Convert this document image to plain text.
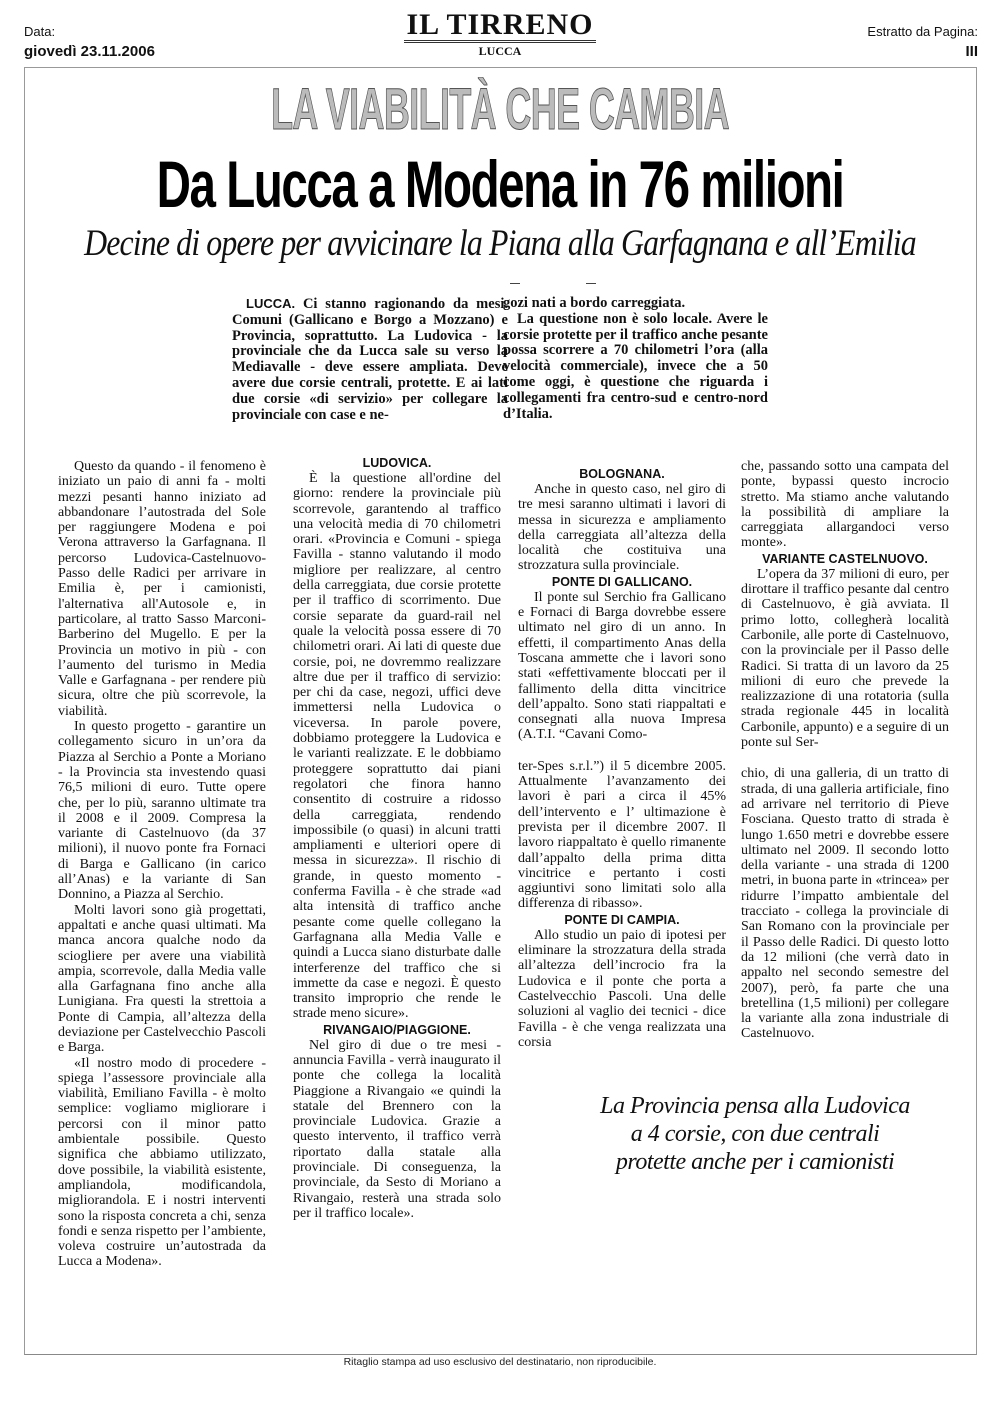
Data:
giovedì 23.11.2006
IL TIRRENO
LUCCA
Estratto da Pagina:
III
LA VIABILITÀ CHE CAMBIA
Da Lucca a Modena in 76 milioni
Decine di opere per avvicinare la Piana alla Garfagnana e all’Emilia

LUCCA. Ci stanno ragionando da mesi. Comuni (Gallicano e Borgo a Mozzano) e Provincia, soprattutto. La Ludovica - la provinciale che da Lucca sale su verso la Mediavalle - deve essere ampliata. Deve avere due corsie centrali, protette. E ai lati due corsie «di servizio» per collegare la provinciale con case e ne-

gozi nati a bordo carreggiata.

La questione non è solo locale. Avere le corsie protette per il traffico anche pesante possa scorrere a 70 chilometri l’ora (alla velocità commerciale), invece che a 50 come oggi, è questione che riguarda i collegamenti fra centro-sud e centro-nord d’Italia.

Questo da quando - il fenomeno è iniziato un paio di anni fa - molti mezzi pesanti hanno iniziato ad abbandonare l’autostrada del Sole per raggiungere Modena e poi Verona attraverso la Garfagnana. Il percorso Ludovica-Castelnuovo-Passo delle Radici per arrivare in Emilia è, per i camionisti, l'alternativa all'Autosole e, in particolare, al tratto Sasso Marconi-Barberino del Mugello. E per la Provincia un motivo in più - con l’aumento del turismo in Media Valle e Garfagnana - per rendere più sicura, oltre che più scorrevole, la viabilità.

In questo progetto - garantire un collegamento sicuro in un’ora da Piazza al Serchio a Ponte a Moriano - la Provincia sta investendo quasi 76,5 milioni di euro. Tutte opere che, per lo più, saranno ultimate tra il 2008 e il 2009. Compresa la variante di Castelnuovo (da 37 milioni), il nuovo ponte fra Fornaci di Barga e Gallicano (in carico all’Anas) e la variante di San Donnino, a Piazza al Serchio.

Molti lavori sono già progettati, appaltati e anche quasi ultimati. Ma manca ancora qualche nodo da sciogliere per avere una viabilità ampia, scorrevole, dalla Media valle alla Garfagnana fino anche alla Lunigiana. Fra questi la strettoia a Ponte di Campia, all’altezza della deviazione per Castelvecchio Pascoli e Barga.

«Il nostro modo di procedere - spiega l’assessore provinciale alla viabilità, Emiliano Favilla - è molto semplice: vogliamo migliorare i percorsi con il minor patto ambientale possibile. Questo significa che abbiamo utilizzato, dove possibile, la viabilità esistente, ampliandola, modificandola, migliorandola. E i nostri interventi sono la risposta concreta a chi, senza fondi e senza rispetto per l’ambiente, voleva costruire un’autostrada da Lucca a Modena».

LUDOVICA.

È la questione all'ordine del giorno: rendere la provinciale più scorrevole, garantendo al traffico una velocità media di 70 chilometri orari. «Provincia e Comuni - spiega Favilla - stanno valutando il modo migliore per realizzare, al centro della carreggiata, due corsie protette per il traffico di scorrimento. Due corsie separate da guard-rail nel quale la velocità possa essere di 70 chilometri orari. Ai lati di queste due corsie, poi, ne dovremmo realizzare altre due per il traffico di servizio: per chi da case, negozi, uffici deve immettersi nella Ludovica o viceversa. In parole povere, dobbiamo proteggere la Ludovica e le varianti realizzate. E le dobbiamo proteggere soprattutto dai piani regolatori che finora hanno consentito di costruire a ridosso della carreggiata, rendendo impossibile (o quasi) in alcuni tratti ampliamenti e ulteriori opere di messa in sicurezza». Il rischio di grande, in questo momento - conferma Favilla - è che strade «ad alta intensità di traffico anche pesante come quelle collegano la Garfagnana alla Media Valle e quindi a Lucca siano disturbate dalle interferenze del traffico che si immette da case e negozi. È questo transito improprio che rende le strade meno sicure».

RIVANGAIO/PIAGGIONE.

Nel giro di due o tre mesi - annuncia Favilla - verrà inaugurato il ponte che collega la località Piaggione a Rivangaio «e quindi la statale del Brennero con la provinciale Ludovica. Grazie a questo intervento, il traffico verrà riportato dalla statale alla provinciale. Di conseguenza, la provinciale, da Sesto di Moriano a Rivangaio, resterà una strada solo per il traffico locale».

BOLOGNANA.

Anche in questo caso, nel giro di tre mesi saranno ultimati i lavori di messa in sicurezza e ampliamento della carreggiata all’altezza della località che costituiva una strozzatura sulla provinciale.

PONTE DI GALLICANO.

Il ponte sul Serchio fra Gallicano e Fornaci di Barga dovrebbe essere ultimato nel giro di un anno. In effetti, il compartimento Anas della Toscana ammette che i lavori sono stati «effettivamente bloccati per il fallimento della ditta vincitrice dell’appalto. Sono stati riappaltati e consegnati alla nuova Impresa (A.T.I. “Cavani Como-

ter-Spes s.r.l.”) il 5 dicembre 2005. Attualmente l’avanzamento dei lavori è pari a circa il 45% dell’intervento e l’ ultimazione è prevista per il dicembre 2007. Il lavoro riappaltato è quello rimanente dall’appalto della prima ditta vincitrice e pertanto i costi aggiuntivi sono limitati solo alla differenza di ribasso».

PONTE DI CAMPIA.

Allo studio un paio di ipotesi per eliminare la strozzatura della strada all’altezza dell’incrocio fra la Ludovica e il ponte che porta a Castelvecchio Pascoli. Una delle soluzioni al vaglio dei tecnici - dice Favilla - è che venga realizzata una corsia

che, passando sotto una campata del ponte, bypassi questo incrocio stretto. Ma stiamo anche valutando la possibilità di ampliare la carreggiata allargandoci verso monte».

VARIANTE CASTELNUOVO.

L’opera da 37 milioni di euro, per dirottare il traffico pesante dal centro di Castelnuovo, è già avviata. Il primo lotto, collegherà località Carbonile, alle porte di Castelnuovo, con la provinciale per il Passo delle Radici. Si tratta di un lavoro da 25 milioni di euro che prevede la realizzazione di una rotatoria (sulla strada regionale 445 in località Carbonile, appunto) e a seguire di un ponte sul Ser-

chio, di una galleria, di un tratto di strada, di una galleria artificiale, fino ad arrivare nel territorio di Pieve Fosciana. Questo tratto di strada è lungo 1.650 metri e dovrebbe essere ultimato nel 2009. Il secondo lotto della variante - una strada di 1200 metri, in buona parte in «trincea» per ridurre l’impatto ambientale del tracciato - collega la provinciale di San Romano con la provinciale per il Passo delle Radici. Di questo lotto da 12 milioni (che verrà dato in appalto nel secondo semestre del 2007), però, fa parte che una bretellina (1,5 milioni) per collegare la variante alla zona industriale di Castelnuovo.

La Provincia pensa alla Ludovica
a 4 corsie, con due centrali
protette anche per i camionisti
Ritaglio stampa ad uso esclusivo del destinatario, non riproducibile.
